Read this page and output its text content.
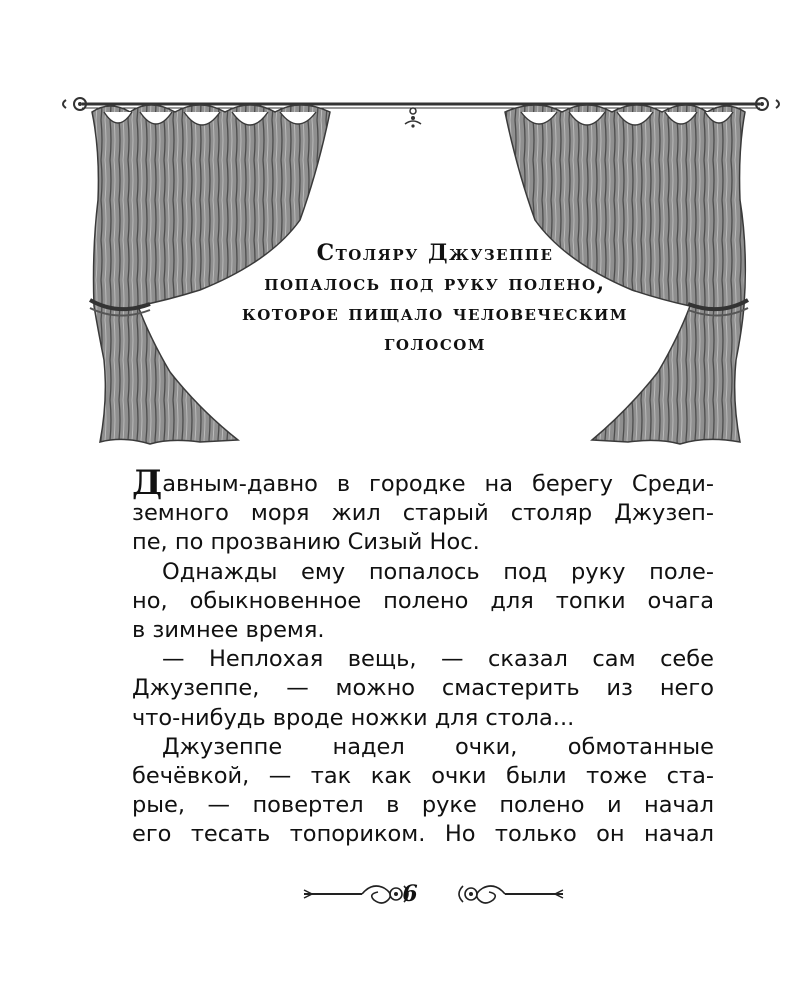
Столяру Джузеппе
попалось под руку полено,
которое пищало человеческим
голосом

Давным-давно в городке на берегу Среди-
земного моря жил старый столяр Джузеп-
пе, по прозванию Сизый Нос.

Однажды ему попалось под руку поле-
но, обыкновенное полено для топки очага
в зимнее время.

— Неплохая вещь, — сказал сам себе
Джузеппе, — можно смастерить из него
что-нибудь вроде ножки для стола...

Джузеппе надел очки, обмотанные
бечёвкой, — так как очки были тоже ста-
рые, — повертел в руке полено и начал
его тесать топориком. Но только он начал

6
